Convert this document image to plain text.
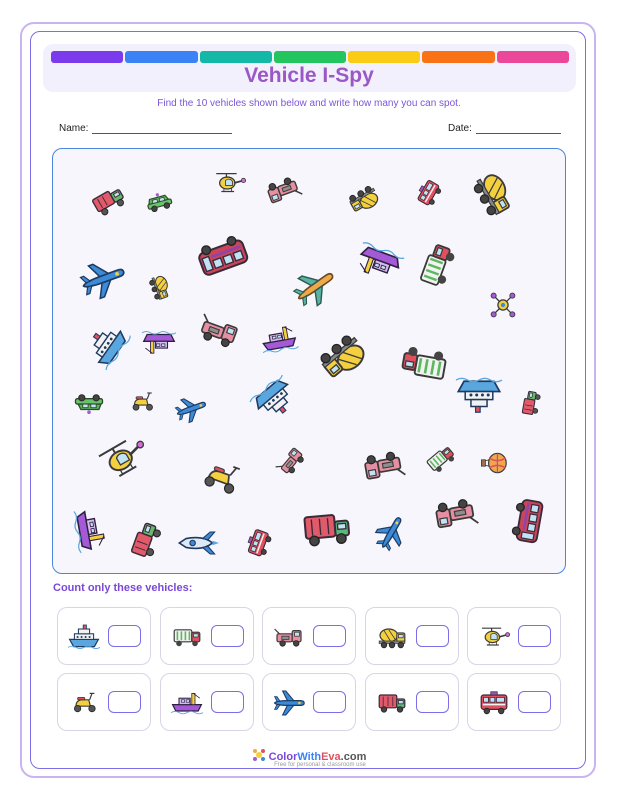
Vehicle I-Spy
Find the 10 vehicles shown below and write how many you can spot.
Name:	Date:
Count only these vehicles:
ColorWithEva.com
Free for personal & classroom use
